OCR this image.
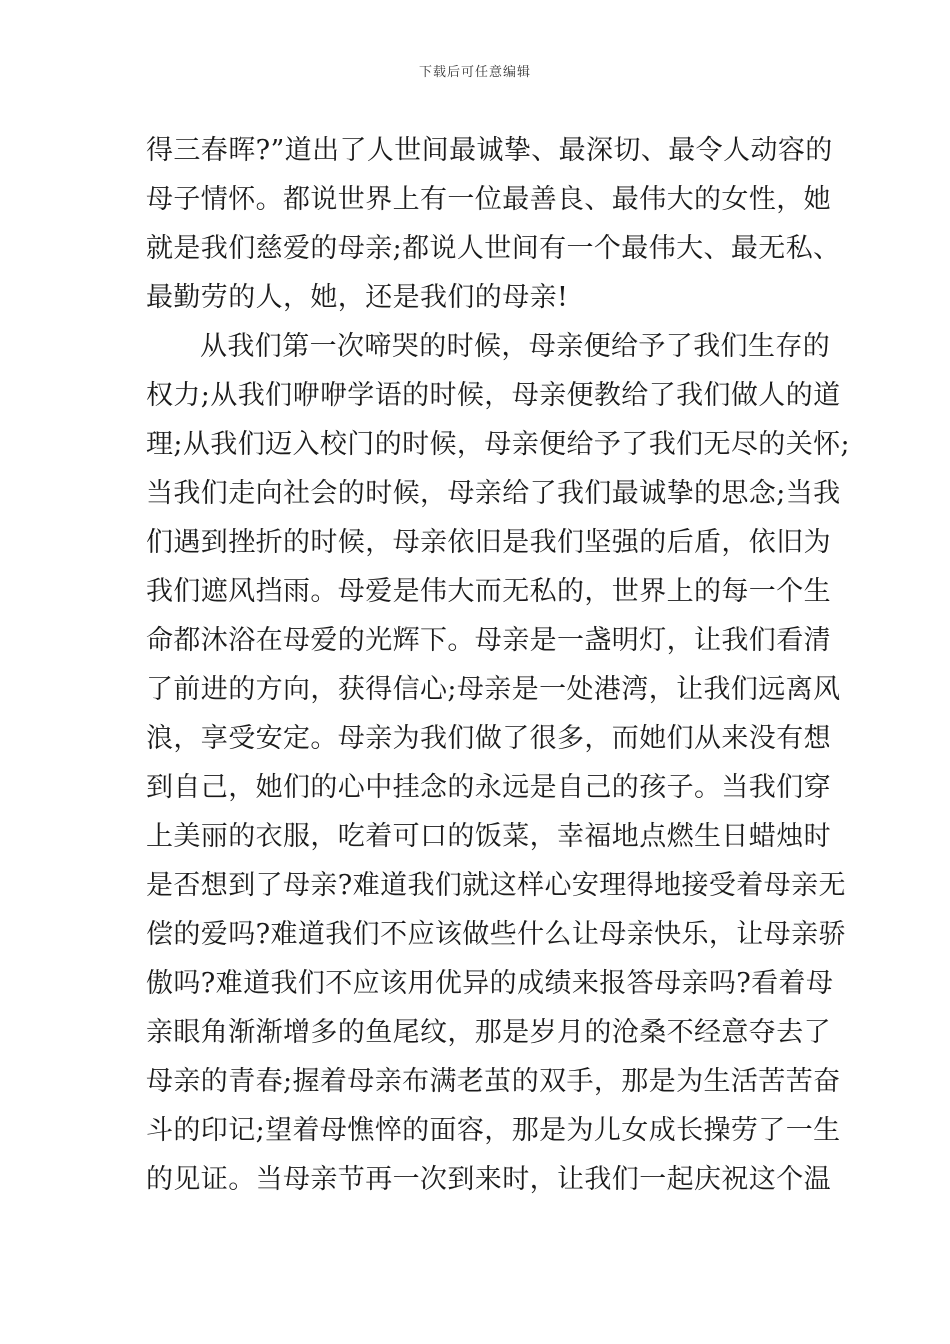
下载后可任意编辑
得三春晖?”道出了人世间最诚挚、最深切、最令人动容的
母子情怀。都说世界上有一位最善良、最伟大的女性，她
就是我们慈爱的母亲;都说人世间有一个最伟大、最无私、
最勤劳的人，她，还是我们的母亲!
从我们第一次啼哭的时候，母亲便给予了我们生存的
权力;从我们咿咿学语的时候，母亲便教给了我们做人的道
理;从我们迈入校门的时候，母亲便给予了我们无尽的关怀;
当我们走向社会的时候，母亲给了我们最诚挚的思念;当我
们遇到挫折的时候，母亲依旧是我们坚强的后盾，依旧为
我们遮风挡雨。母爱是伟大而无私的，世界上的每一个生
命都沐浴在母爱的光辉下。母亲是一盏明灯，让我们看清
了前进的方向，获得信心;母亲是一处港湾，让我们远离风
浪，享受安定。母亲为我们做了很多，而她们从来没有想
到自己，她们的心中挂念的永远是自己的孩子。当我们穿
上美丽的衣服，吃着可口的饭菜，幸福地点燃生日蜡烛时
是否想到了母亲?难道我们就这样心安理得地接受着母亲无
偿的爱吗?难道我们不应该做些什么让母亲快乐，让母亲骄
傲吗?难道我们不应该用优异的成绩来报答母亲吗?看着母
亲眼角渐渐增多的鱼尾纹，那是岁月的沧桑不经意夺去了
母亲的青春;握着母亲布满老茧的双手，那是为生活苦苦奋
斗的印记;望着母憔悴的面容，那是为儿女成长操劳了一生
的见证。当母亲节再一次到来时，让我们一起庆祝这个温
